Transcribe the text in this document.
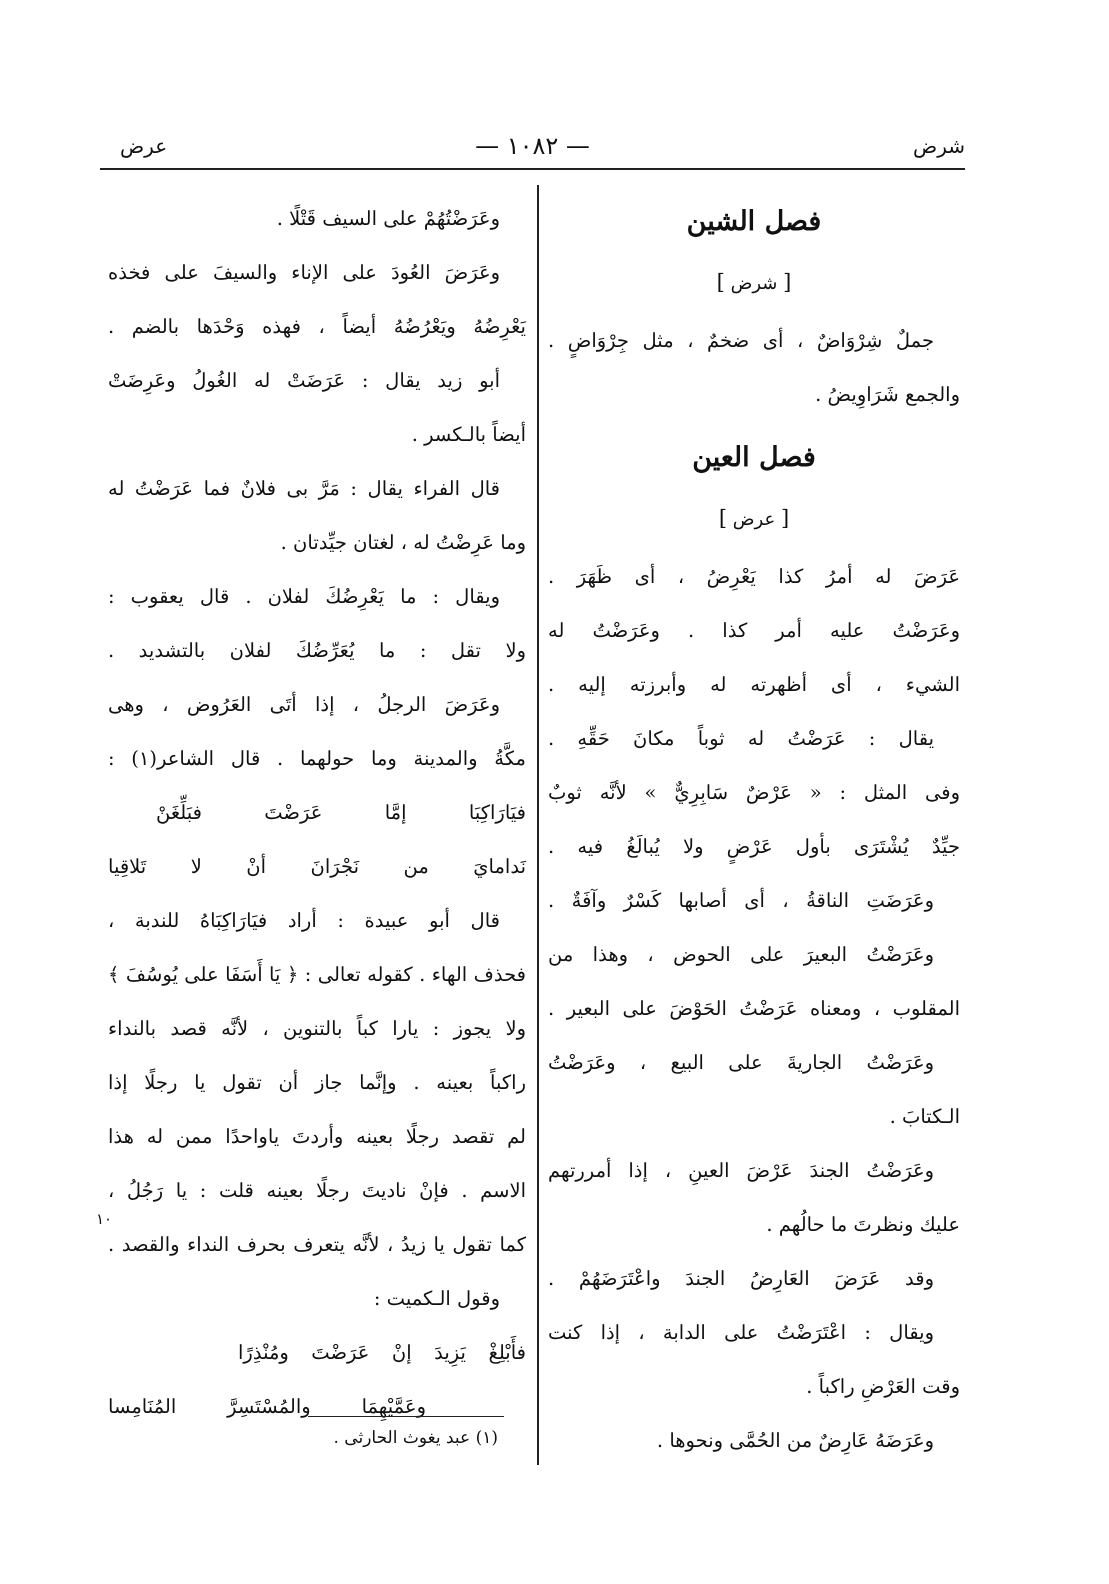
شرض
— ١٠٨٢ —
عرض
فصل الشين
[ شرض ]
جملٌ شِرْوَاضٌ ، أى ضخمٌ ، مثل جِرْوَاضٍ .
والجمع شَرَاوِيضُ .
فصل العين
[ عرض ]
عَرَضَ له أمرُ كذا يَعْرِضُ ، أى ظَهَرَ .
وعَرَضْتُ عليه أمر كذا . وعَرَضْتُ له
الشيء ، أى أظهرته له وأبرزته إليه .
يقال : عَرَضْتُ له ثوباً مكانَ حَقِّهِ .
وفى المثل : « عَرْضٌ سَابِرِيٌّ » لأنَّه ثوبٌ
جيِّدٌ يُشْتَرَى بأول عَرْضٍ ولا يُبالَغُ فيه .
وعَرَضَتِ الناقةُ ، أى أصابها كَسْرٌ وآفَةٌ .
وعَرَضْتُ البعيرَ على الحوض ، وهذا من
المقلوب ، ومعناه عَرَضْتُ الحَوْضَ على البعير .
وعَرَضْتُ الجاريةَ على البيع ، وعَرَضْتُ
الـكتابَ .
وعَرَضْتُ الجندَ عَرْضَ العينِ ، إذا أمررتهم
عليك ونظرتَ ما حالُهم .
وقد عَرَضَ العَارِضُ الجندَ واعْتَرَضَهُمْ .
ويقال : اعْتَرَضْتُ على الدابة ، إذا كنت
وقت العَرْضِ راكباً .
وعَرَضَهُ عَارِضٌ من الحُمَّى ونحوها .
وعَرَضْتُهُمْ على السيف قَتْلًا .
وعَرَضَ العُودَ على الإناء والسيفَ على فخذه
يَعْرِضُهُ ويَعْرُضُهُ أيضاً ، فهذه وَحْدَها بالضم .
أبو زيد يقال : عَرَضَتْ له الغُولُ وعَرِضَتْ
أيضاً بالـكسر .
قال الفراء يقال : مَرَّ بى فلانٌ فما عَرَضْتُ له
وما عَرِضْتُ له ، لغتان جيِّدتان .
ويقال : ما يَعْرِضُكَ لفلان . قال يعقوب :
ولا تقل : ما يُعَرِّضُكَ لفلان بالتشديد .
وعَرَضَ الرجلُ ، إذا أتَى العَرُوض ، وهى
مكَّةُ والمدينة وما حولهما . قال الشاعر(١) :
فيَارَاكِبَا إمَّا عَرَضْتَ فبَلِّغَنْ
نَدامايَ من نَجْرَانَ أنْ لا تَلاقِيا
قال أبو عبيدة : أراد فيَارَاكِبَاهُ للندبة ،
فحذف الهاء . كقوله تعالى : ﴿ يَا أَسَفَا على يُوسُفَ ﴾
ولا يجوز : يارا كباً بالتنوين ، لأنَّه قصد بالنداء
راكباً بعينه . وإنَّما جاز أن تقول يا رجلًا إذا
لم تقصد رجلًا بعينه وأردتَ ياواحدًا ممن له هذا
الاسم . فإنْ ناديتَ رجلًا بعينه قلت : يا رَجُلُ ،
كما تقول يا زيدُ ، لأنَّه يتعرف بحرف النداء والقصد .
وقول الـكميت :
فأَبْلِغْ يَزِيدَ إنْ عَرَضْتَ ومُنْذِرًا
وعَمَّيْهِمَا والمُسْتَسِرَّ المُنَامِسا
(١) عبد يغوث الحارثى .
١٠
